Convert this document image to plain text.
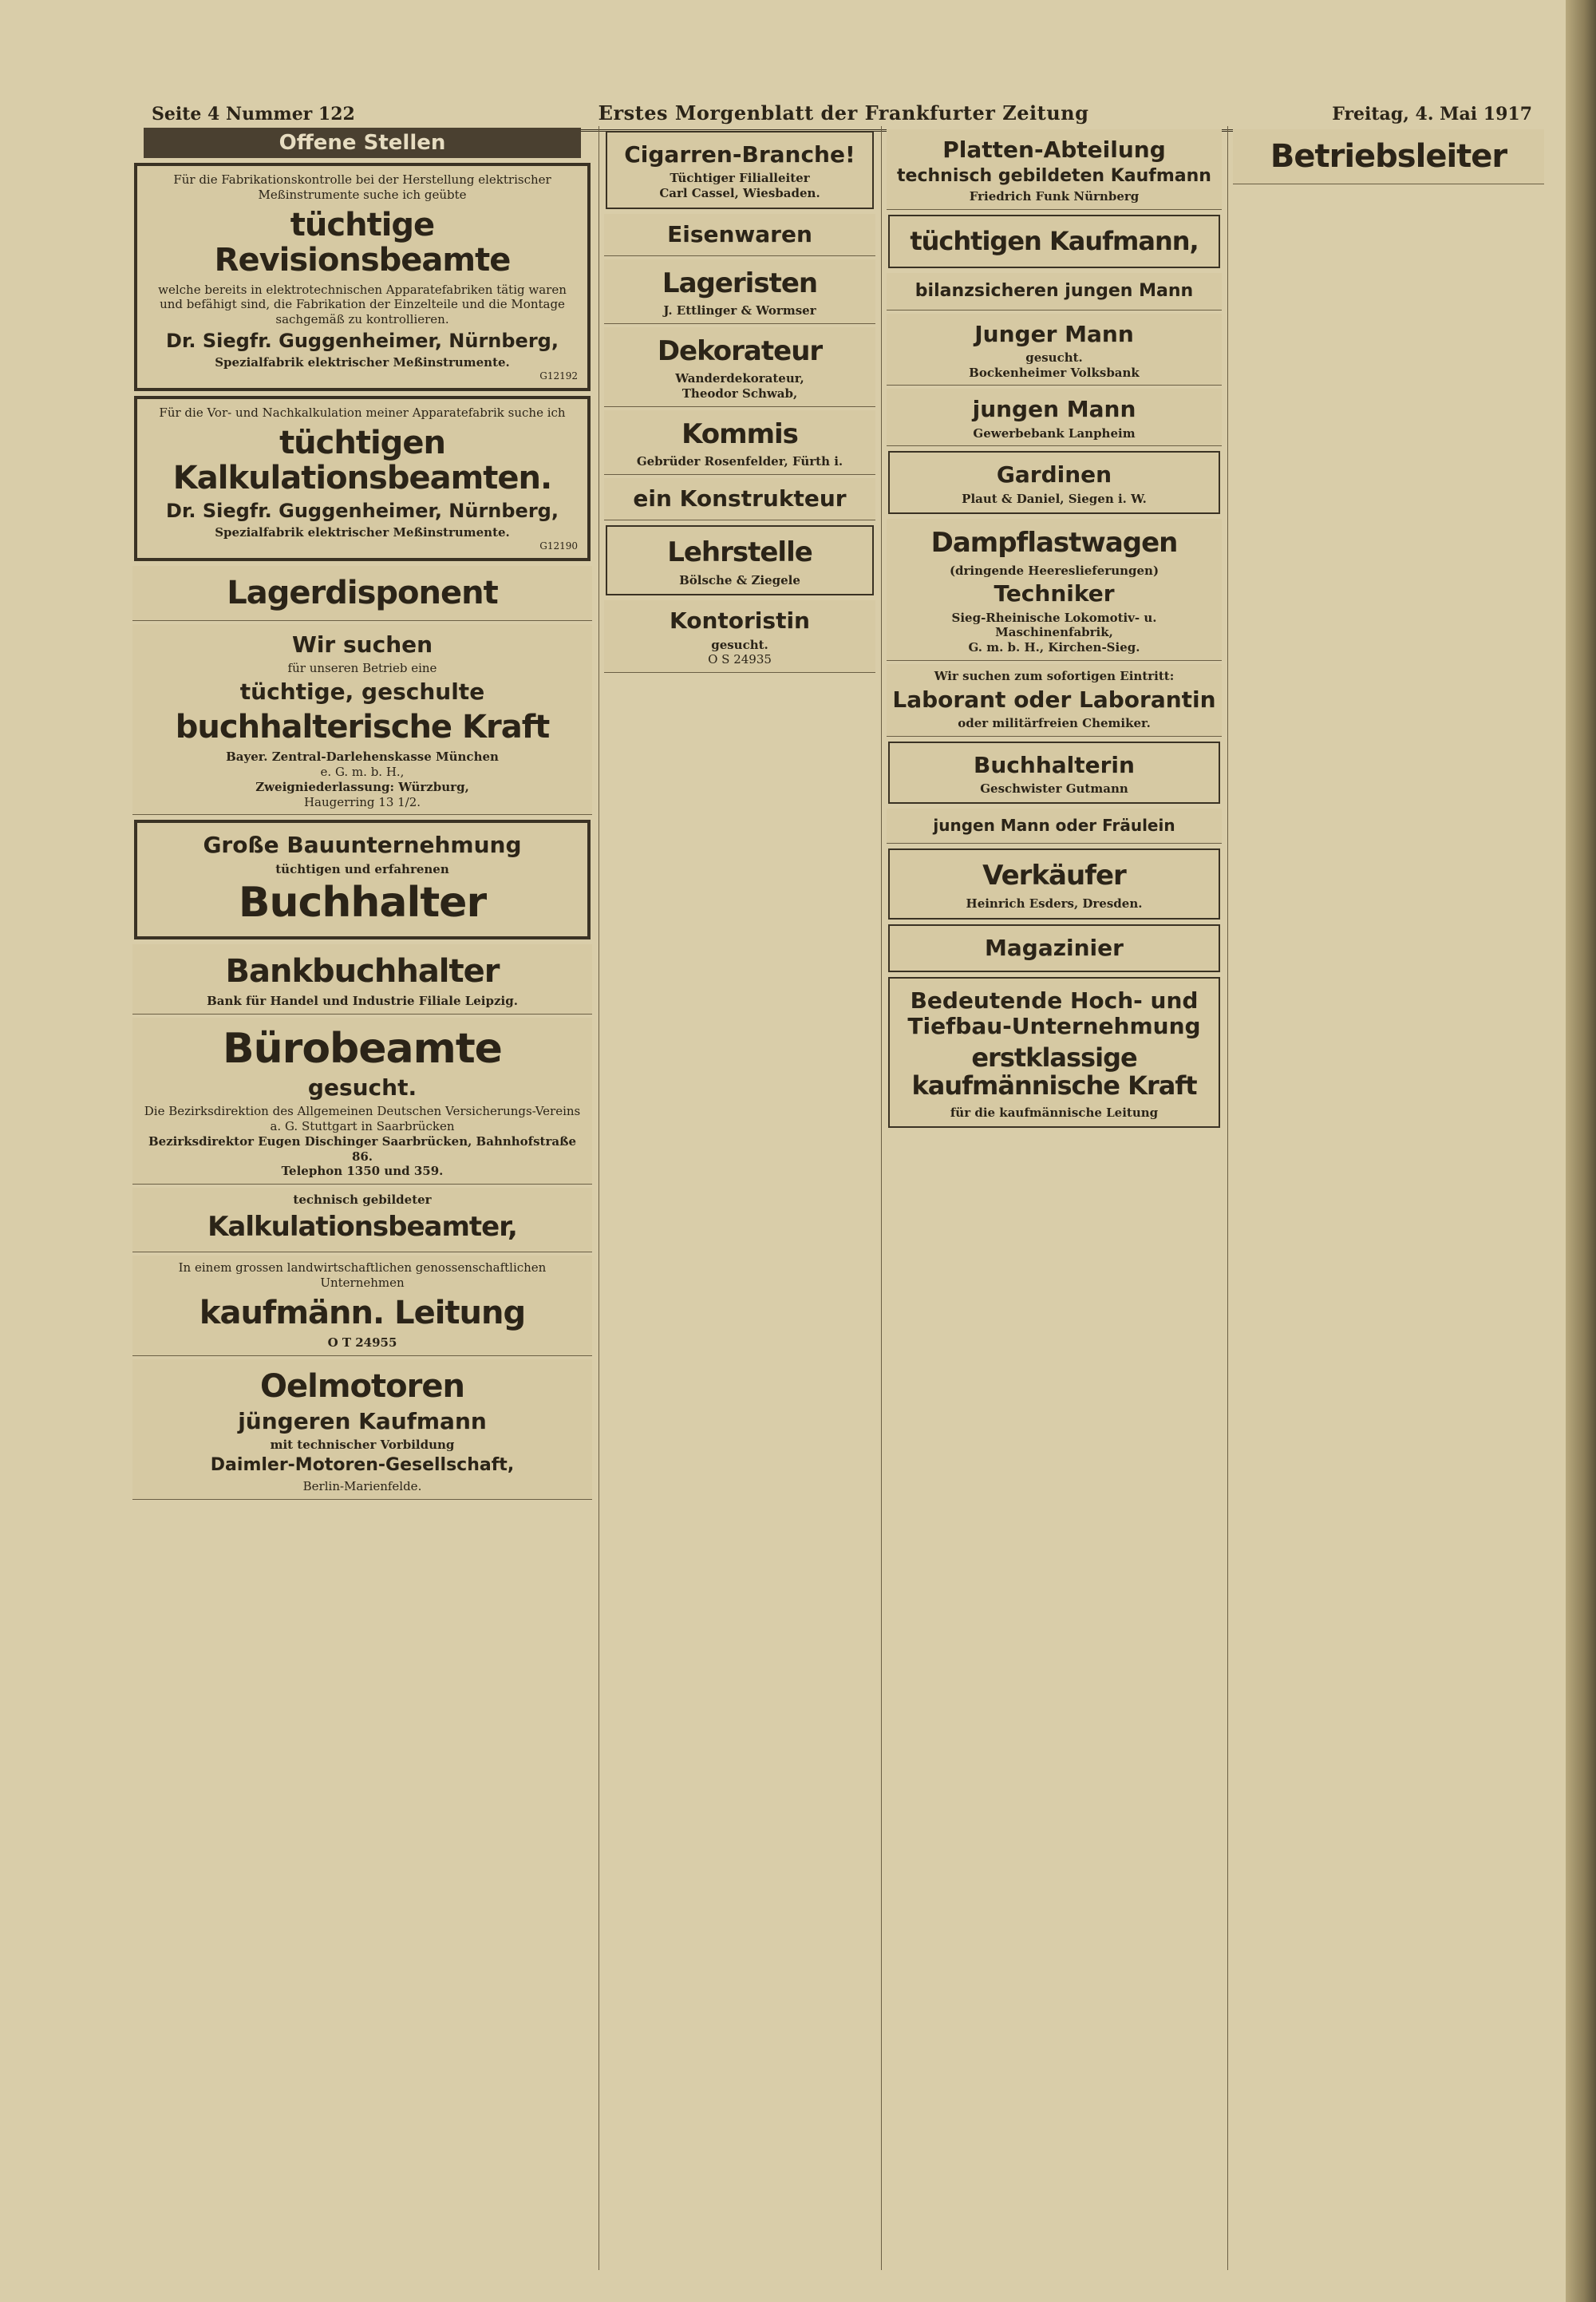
Seite 4 Nummer 122	Erstes Morgenblatt der Frankfurter Zeitung	Freitag, 4. Mai 1917
Offene Stellen
Für die Fabrikationskontrolle bei der Herstellung elektrischer Meßinstrumente suche ich geübte
tüchtige Revisionsbeamte
welche bereits in elektrotechnischen Apparatefabriken tätig waren und befähigt sind, die Fabrikation der Einzelteile und die Montage sachgemäß zu kontrollieren.
Dr. Siegfr. Guggenheimer, Nürnberg,
Spezialfabrik elektrischer Meßinstrumente.
G12192
Für die Vor- und Nachkalkulation meiner Apparatefabrik suche ich
tüchtigen Kalkulationsbeamten.
Dr. Siegfr. Guggenheimer, Nürnberg,
Spezialfabrik elektrischer Meßinstrumente.
G12190
Lagerdisponent
Wir suchen
für unseren Betrieb eine
tüchtige, geschulte
buchhalterische Kraft
Bayer. Zentral-Darlehenskasse München
e. G. m. b. H.,
Zweigniederlassung: Würzburg,
Haugerring 13 1/2.
Große Bauunternehmung
tüchtigen und erfahrenen
Buchhalter
Bankbuchhalter
Bank für Handel und Industrie Filiale Leipzig.
Bürobeamte
gesucht.
Die Bezirksdirektion des Allgemeinen Deutschen Versicherungs-Vereins a. G. Stuttgart in Saarbrücken
Bezirksdirektor Eugen Dischinger Saarbrücken, Bahnhofstraße 86.
Telephon 1350 und 359.
technisch gebildeter
Kalkulationsbeamter,
In einem grossen landwirtschaftlichen genossenschaftlichen Unternehmen
kaufmänn. Leitung
O T 24955
Oelmotoren
jüngeren Kaufmann
mit technischer Vorbildung
Daimler-Motoren-Gesellschaft,
Berlin-Marienfelde.
Cigarren-Branche!
Tüchtiger Filialleiter
Carl Cassel, Wiesbaden.
Eisenwaren
Lageristen
J. Ettlinger & Wormser
Dekorateur
Wanderdekorateur,
Theodor Schwab,
Kommis
Gebrüder Rosenfelder, Fürth i.
ein Konstrukteur
Lehrstelle
Bölsche & Ziegele
Kontoristin
gesucht.
O S 24935
Platten-Abteilung
technisch gebildeten Kaufmann
Friedrich Funk Nürnberg
tüchtigen Kaufmann,
bilanzsicheren jungen Mann
Junger Mann
gesucht.
Bockenheimer Volksbank
jungen Mann
Gewerbebank Lanpheim
Gardinen
Plaut & Daniel, Siegen i. W.
Dampflastwagen
(dringende Heereslieferungen)
Techniker
Sieg-Rheinische Lokomotiv- u. Maschinenfabrik,
G. m. b. H., Kirchen-Sieg.
Wir suchen zum sofortigen Eintritt:
Laborant oder Laborantin
oder militärfreien Chemiker.
Buchhalterin
Geschwister Gutmann
jungen Mann oder Fräulein
Verkäufer
Heinrich Esders, Dresden.
Magazinier
Bedeutende Hoch- und Tiefbau-Unternehmung
erstklassige kaufmännische Kraft
für die kaufmännische Leitung
Betriebsleiter
